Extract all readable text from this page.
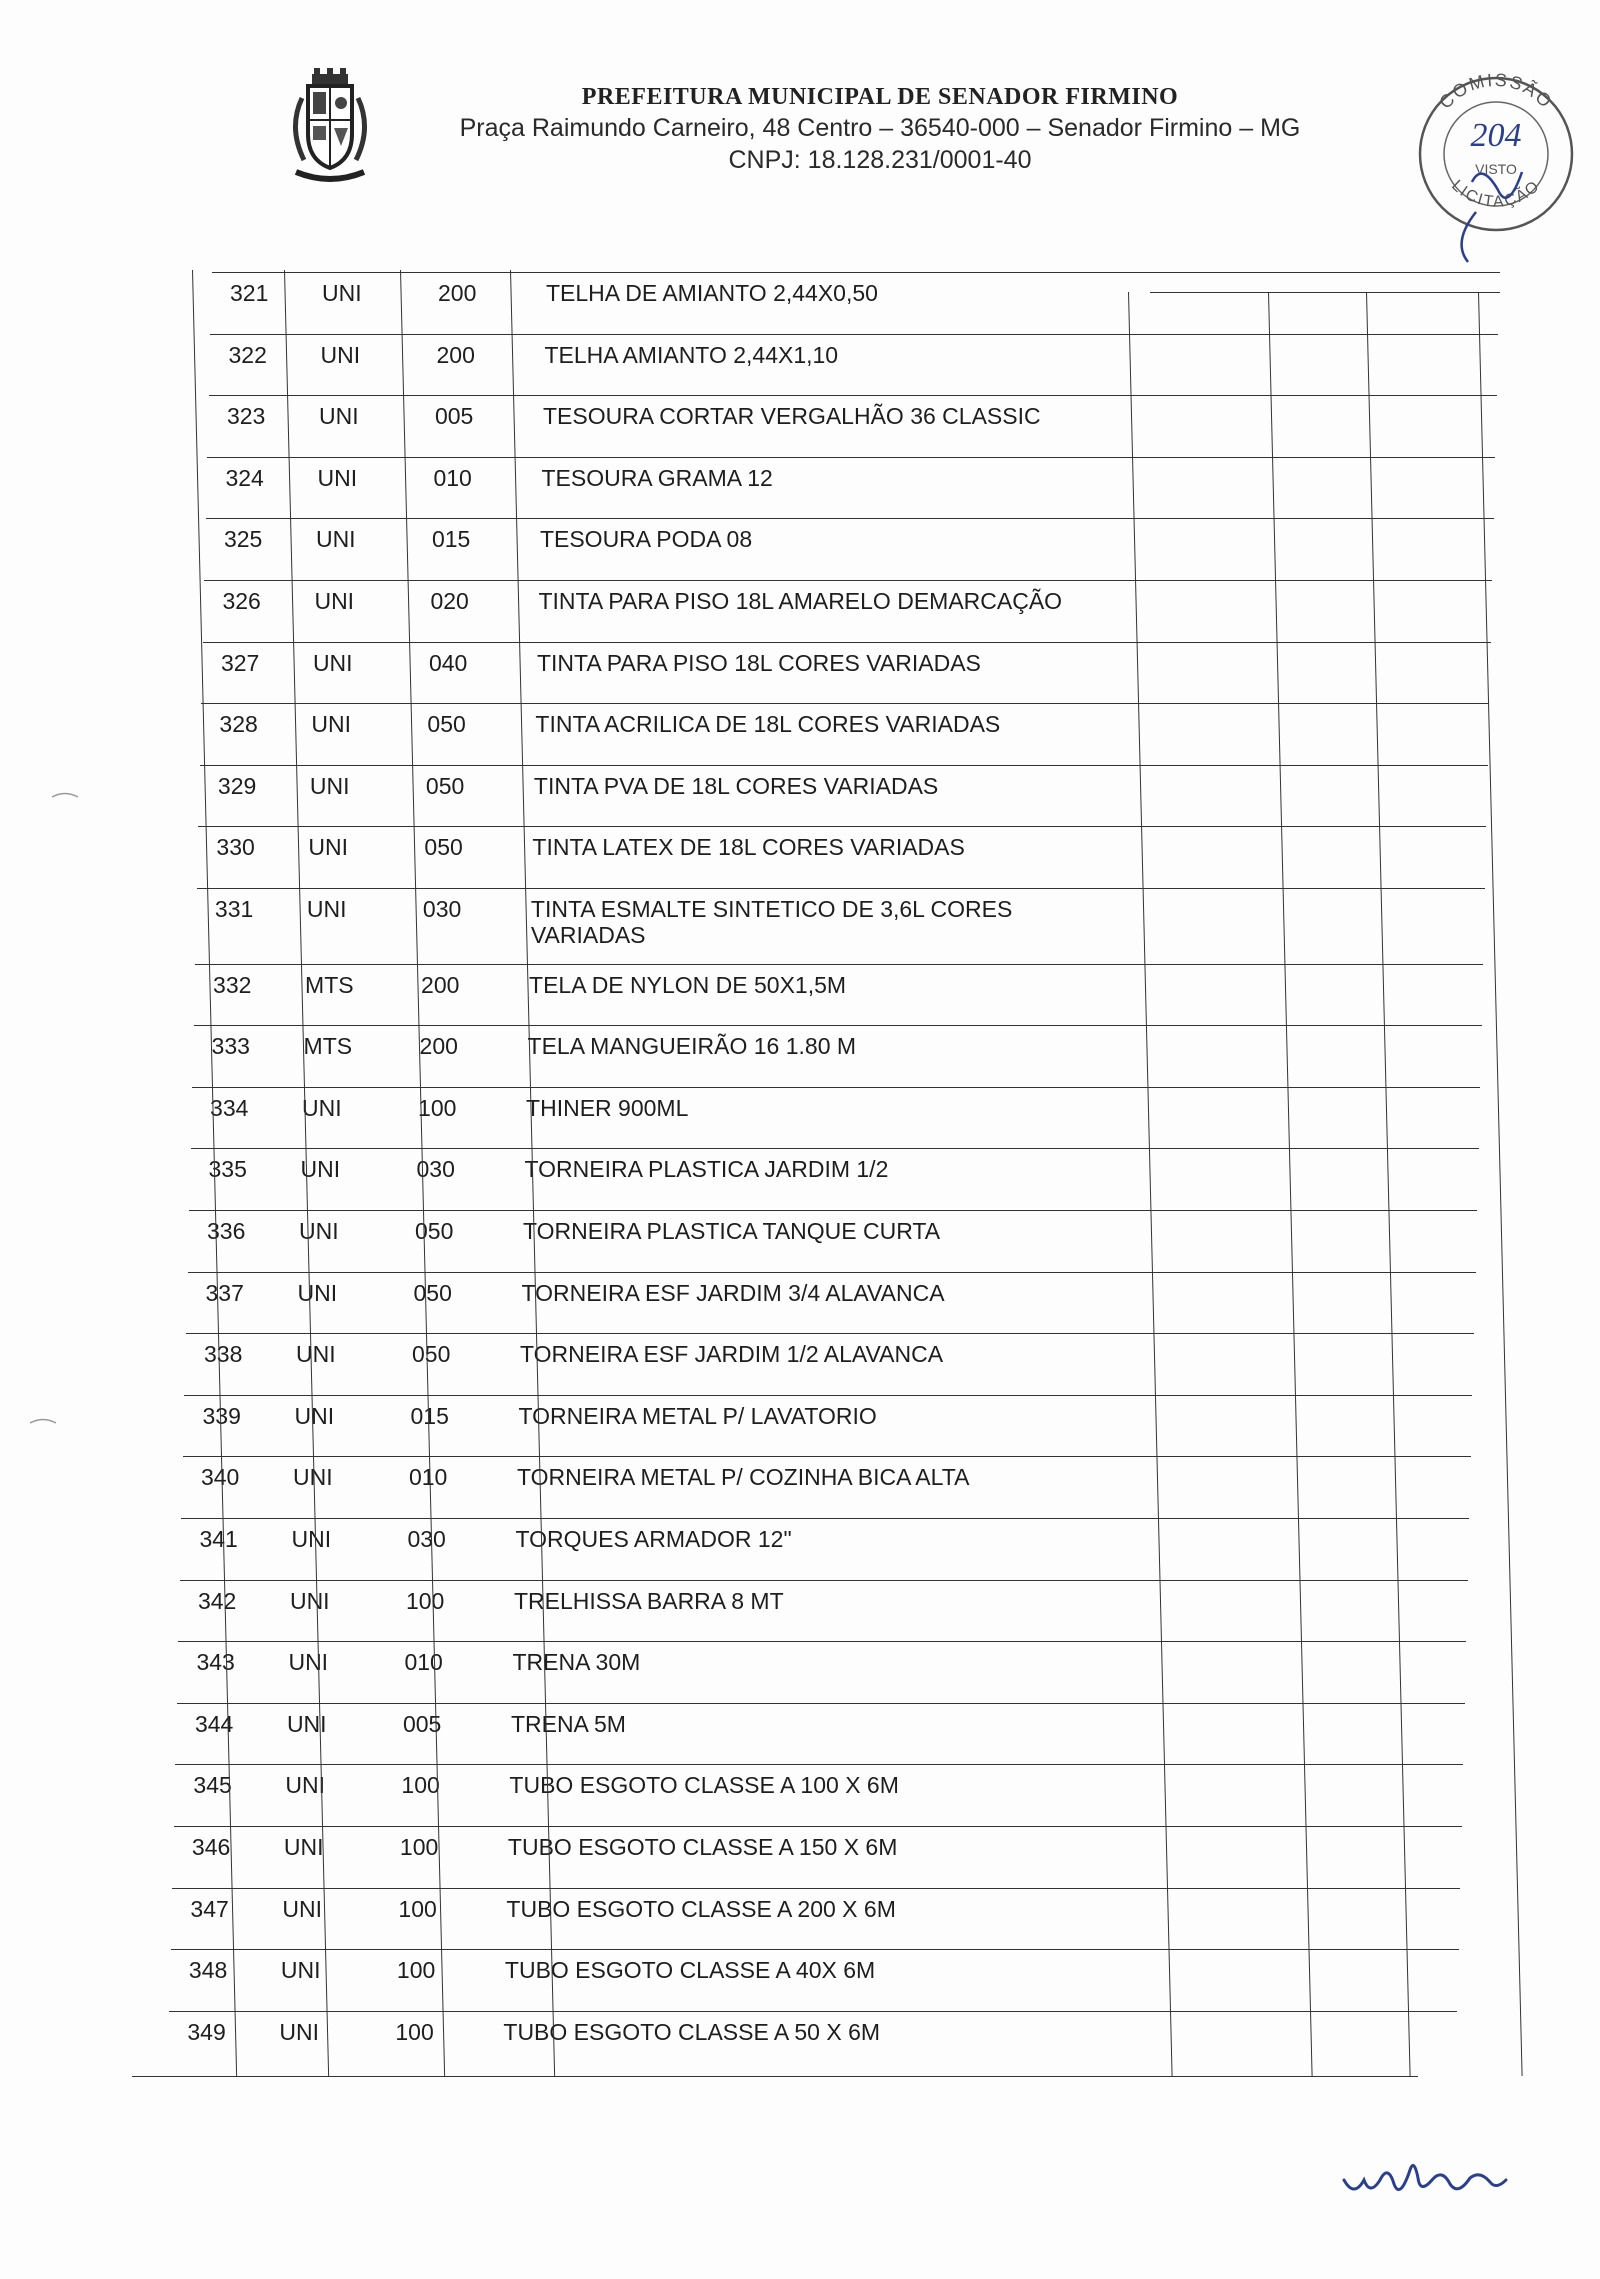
PREFEITURA MUNICIPAL DE SENADOR FIRMINO
Praça Raimundo Carneiro, 48 Centro – 36540-000 – Senador Firmino – MG
CNPJ: 18.128.231/0001-40
COMISSÃO
LICITAÇÃO
204
VISTO
321 UNI	200	TELHA DE AMIANTO 2,44X0,50
322 UNI	200	TELHA AMIANTO 2,44X1,10
323 UNI	005	TESOURA CORTAR VERGALHÃO 36 CLASSIC
324 UNI	010	TESOURA GRAMA 12
325 UNI	015	TESOURA PODA 08
326 UNI	020	TINTA PARA PISO 18L AMARELO DEMARCAÇÃO
327 UNI	040	TINTA PARA PISO 18L CORES VARIADAS
328 UNI	050	TINTA ACRILICA DE 18L CORES VARIADAS
329 UNI	050	TINTA PVA DE 18L CORES VARIADAS
330 UNI	050	TINTA LATEX DE 18L CORES VARIADAS
331 UNI	030	TINTA ESMALTE SINTETICO DE 3,6L CORES VARIADAS
332 MTS	200	TELA DE NYLON DE 50X1,5M
333 MTS	200	TELA MANGUEIRÃO 16 1.80 M
334 UNI	100	THINER 900ML
335 UNI	030	TORNEIRA PLASTICA JARDIM 1/2
336 UNI	050	TORNEIRA PLASTICA TANQUE CURTA
337 UNI	050	TORNEIRA ESF JARDIM 3/4 ALAVANCA
338 UNI	050	TORNEIRA ESF JARDIM 1/2 ALAVANCA
339 UNI	015	TORNEIRA METAL P/ LAVATORIO
340 UNI	010	TORNEIRA METAL P/ COZINHA BICA ALTA
341 UNI	030	TORQUES ARMADOR 12"
342 UNI	100	TRELHISSA BARRA 8 MT
343 UNI	010	TRENA 30M
344 UNI	005	TRENA 5M
345 UNI	100	TUBO ESGOTO CLASSE A 100 X 6M
346 UNI	100	TUBO ESGOTO CLASSE A 150 X 6M
347 UNI	100	TUBO ESGOTO CLASSE A 200 X 6M
348 UNI	100	TUBO ESGOTO CLASSE A 40X 6M
349 UNI	100	TUBO ESGOTO CLASSE A 50 X 6M
